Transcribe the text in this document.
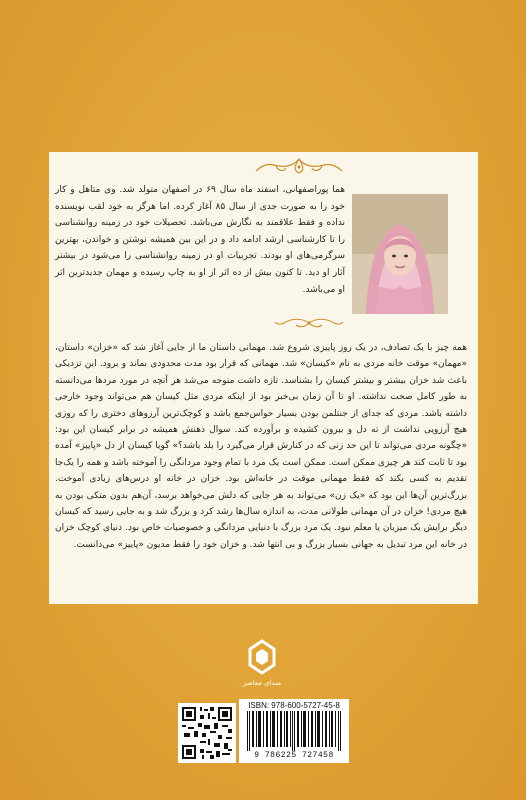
هما پوراصفهانی، اسفند ماه سال ۶۹ در اصفهان متولد شد. وی متاهل و کار خود را به صورت جدی از سال ۸۵ آغاز کرده. اما هرگز به خود لقب نویسنده نداده و فقط علاقمند به نگارش می‌باشد. تحصیلات خود در زمینه روانشناسی را تا کارشناسی ارشد ادامه داد و در این بین همیشه نوشتن و خواندن، بهترین سرگرمی‌های او بودند. تجربیات او در زمینه روانشناسی را می‌شود در بیشتر آثار او دید. تا کنون بیش از ده اثر از او به چاپ رسیده و مهمان جدیدترین اثر او می‌باشد.

همه چیز با یک تصادف، در یک روز پاییزی شروع شد. مهمانی داستان ما از جایی آغاز شد که «خزان» داستان، «مهمان» موقت خانه مردی به نام «کیسان» شد. مهمانی که قرار بود مدت محدودی بماند و برود. این نزدیکی باعث شد خزان بیشتر و بیشتر کیسان را بشناسد. تازه داشت متوجه می‌شد هر آنچه در مورد مردها می‌دانسته به طور کامل صحت نداشته. او تا آن زمان بی‌خبر بود از اینکه مردی مثل کیسان هم می‌تواند وجود خارجی داشته باشد. مردی که جدای از جنتلمن بودن بسیار حواس‌جمع باشد و کوچک‌ترین آرزوهای دختری را که روزی هیچ آرزویی نداشت از ته دل و بیرون کشیده و برآورده کند. سوال ذهنش همیشه در برابر کیسان این بود: «چگونه مردی می‌تواند تا این حد زنی که در کنارش قرار می‌گیرد را بلد باشد؟» گویا کیسان از دل «پاییز» آمده بود تا ثابت کند هر چیزی ممکن است. ممکن است یک مرد با تمام وجود مردانگی را آموخته باشد و همه را یک‌جا تقدیم به کسی بکند که فقط مهمانی موقت در خانه‌اش بود. خزان در خانه او درس‌های زیادی آموخت. بزرگ‌ترین آن‌ها این بود که «یک زن» می‌تواند به هر جایی که دلش می‌خواهد برسد، آن‌هم بدون متکی بودن به هیچ مردی! خزان در آن مهمانی طولانی مدت، به اندازه سال‌ها رشد کرد و بزرگ شد و به جایی رسید که کیسان دیگر برایش یک میزبان یا معلم نبود. یک مرد بزرگ با دنیایی مردانگی و خصوصیات خاص بود. دنیای کوچک خزان در خانه این مرد تبدیل به جهانی بسیار بزرگ و بی انتها شد. و خزان خود را فقط مدیون «پاییز» می‌دانست.

صدای معاصر
ISBN: 978-600-5727-45-8
9 786225 727458
